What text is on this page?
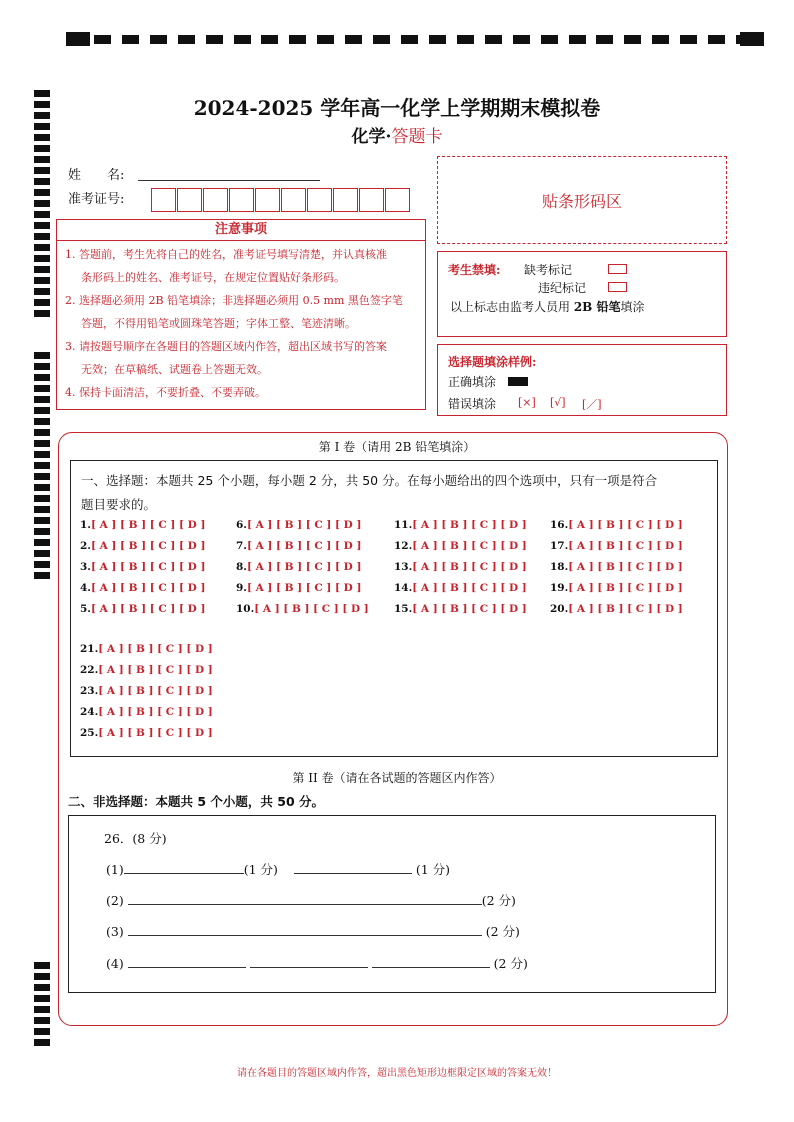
2024-2025 学年高一化学上学期期末模拟卷
化学·答题卡
姓　　名:
准考证号:	贴条形码区
注意事项
1. 答题前，考生先将自己的姓名，准考证号填写清楚，并认真核准
条形码上的姓名、准考证号，在规定位置贴好条形码。
2. 选择题必须用 2B 铅笔填涂；非选择题必须用 0.5 mm 黑色签字笔
答题，不得用铅笔或圆珠笔答题；字体工整、笔迹清晰。
3. 请按题号顺序在各题目的答题区域内作答，超出区域书写的答案
无效；在草稿纸、试题卷上答题无效。
4. 保持卡面清洁，不要折叠、不要弄破。
考生禁填: 缺考标记
违纪标记
以上标志由监考人员用 2B 铅笔填涂
选择题填涂样例:
正确填涂
错误填涂 [×] [√] [／]
第 I 卷（请用 2B 铅笔填涂）
一、选择题：本题共 25 个小题，每小题 2 分，共 50 分。在每小题给出的四个选项中，只有一项是符合
题目要求的。
1.[ A ] [ B ] [ C ] [ D ]
2.[ A ] [ B ] [ C ] [ D ]
3.[ A ] [ B ] [ C ] [ D ]
4.[ A ] [ B ] [ C ] [ D ]
5.[ A ] [ B ] [ C ] [ D ]
6.[ A ] [ B ] [ C ] [ D ]
7.[ A ] [ B ] [ C ] [ D ]
8.[ A ] [ B ] [ C ] [ D ]
9.[ A ] [ B ] [ C ] [ D ]
10.[ A ] [ B ] [ C ] [ D ]
11.[ A ] [ B ] [ C ] [ D ]
12.[ A ] [ B ] [ C ] [ D ]
13.[ A ] [ B ] [ C ] [ D ]
14.[ A ] [ B ] [ C ] [ D ]
15.[ A ] [ B ] [ C ] [ D ]
16.[ A ] [ B ] [ C ] [ D ]
17.[ A ] [ B ] [ C ] [ D ]
18.[ A ] [ B ] [ C ] [ D ]
19.[ A ] [ B ] [ C ] [ D ]
20.[ A ] [ B ] [ C ] [ D ]
21.[ A ] [ B ] [ C ] [ D ]
22.[ A ] [ B ] [ C ] [ D ]
23.[ A ] [ B ] [ C ] [ D ]
24.[ A ] [ B ] [ C ] [ D ]
25.[ A ] [ B ] [ C ] [ D ]
第 II 卷（请在各试题的答题区内作答）
二、非选择题：本题共 5 个小题，共 50 分。
26．(8 分)
(1)	(1 分)	(1 分)
(2)	(2 分)
(3)	(2 分)
(4)	(2 分)
请在各题目的答题区域内作答，超出黑色矩形边框限定区域的答案无效！
